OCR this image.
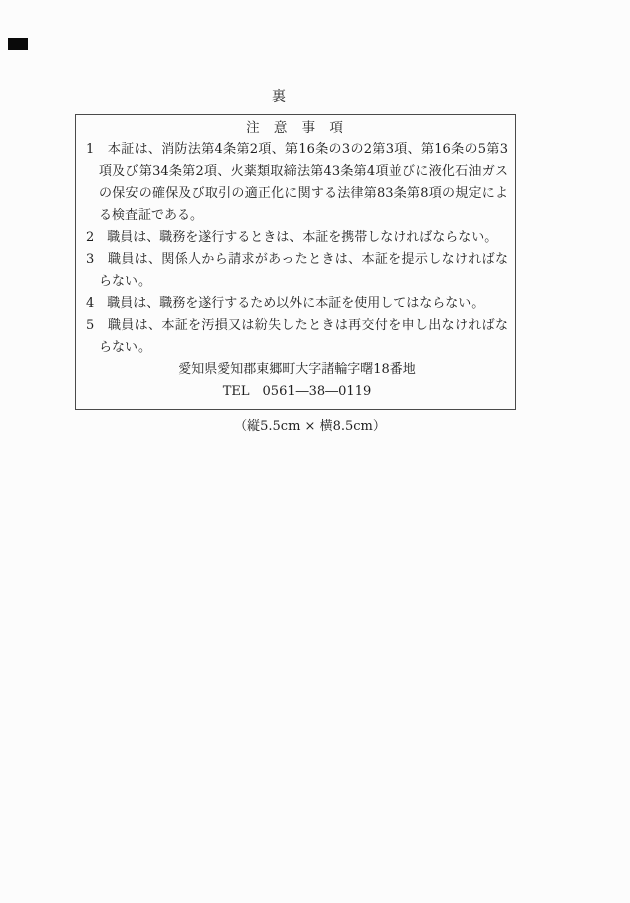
裏

注 意 事 項

1　本証は、消防法第4条第2項、第16条の3の2第3項、第16条の5第3項及び第34条第2項、火薬類取締法第43条第4項並びに液化石油ガスの保安の確保及び取引の適正化に関する法律第83条第8項の規定による検査証である。

2　職員は、職務を遂行するときは、本証を携帯しなければならない。

3　職員は、関係人から請求があったときは、本証を提示しなければならない。

4　職員は、職務を遂行するため以外に本証を使用してはならない。

5　職員は、本証を汚損又は紛失したときは再交付を申し出なければならない。

愛知県愛知郡東郷町大字諸輪字曙18番地

TEL　0561―38―0119

（縦5.5cm × 横8.5cm）
